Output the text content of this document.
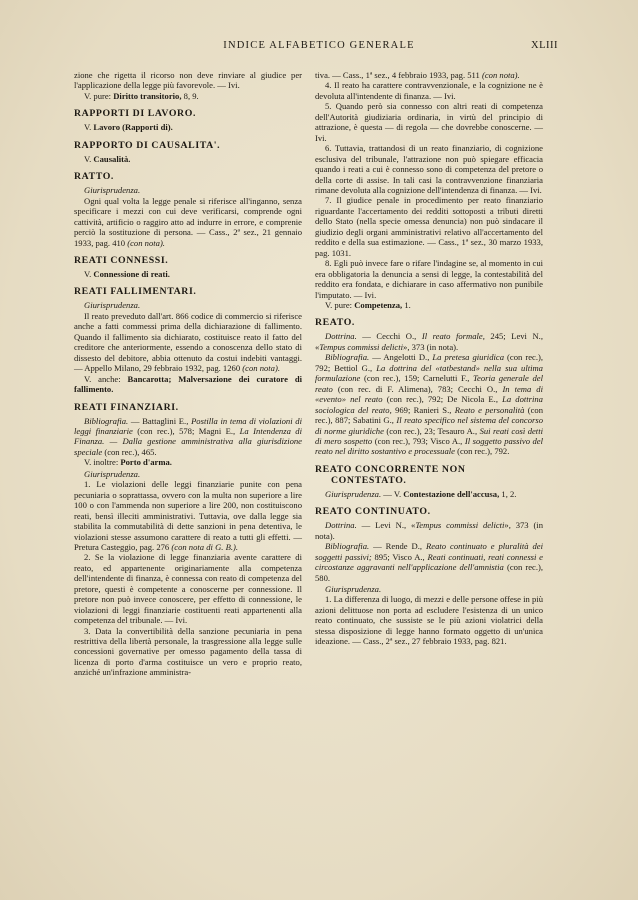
INDICE ALFABETICO GENERALE	XLIII

zione che rigetta il ricorso non deve rinviare al giudice per l'applicazione della legge più favorevole. — Ivi.

V. pure: Diritto transitorio, 8, 9.

RAPPORTI DI LAVORO.

V. Lavoro (Rapporti di).

RAPPORTO DI CAUSALITA'.

V. Causalità.

RATTO.

Giurisprudenza.

Ogni qual volta la legge penale si riferisce all'inganno, senza specificare i mezzi con cui deve verificarsi, comprende ogni cattività, artificio o raggiro atto ad indurre in errore, e comprenie perciò la sostituzione di persona. — Cass., 2ª sez., 21 gennaio 1933, pag. 410 (con nota).

REATI CONNESSI.

V. Connessione di reati.

REATI FALLIMENTARI.

Giurisprudenza.

Il reato preveduto dall'art. 866 codice di commercio si riferisce anche a fatti commessi prima della dichiarazione di fallimento. Quando il fallimento sia dichiarato, costituisce reato il fatto del creditore che anteriormente, essendo a conoscenza dello stato di dissesto del debitore, abbia ottenuto da costui indebiti vantaggi. — Appello Milano, 29 febbraio 1932, pag. 1260 (con nota).

V. anche: Bancarotta; Malversazione dei curatore di fallimento.

REATI FINANZIARI.

Bibliografia. — Battaglini E., Postilla in tema di violazioni di leggi finanziarie (con rec.), 578; Magni E., La Intendenza di Finanza. — Dalla gestione amministrativa alla giurisdizione speciale (con rec.), 465.

V. inoltre: Porto d'arma.

Giurisprudenza.

1. Le violazioni delle leggi finanziarie punite con pena pecuniaria o soprattassa, ovvero con la multa non superiore a lire 100 o con l'ammenda non superiore a lire 200, non costituiscono reati, bensì illeciti amministrativi. Tuttavia, ove dalla legge sia stabilita la commutabilità di dette sanzioni in pena detentiva, le violazioni stesse assumono carattere di reato a tutti gli effetti. — Pretura Casteggio, pag. 276 (con nota di G. B.).

2. Se la violazione di legge finanziaria avente carattere di reato, ed appartenente originariamente alla competenza dell'intendente di finanza, è connessa con reato di competenza del pretore, questi è competente a conoscerne per connessione. Il pretore non può invece conoscere, per effetto di connessione, le violazioni di leggi finanziarie costituenti reati appartenenti alla competenza del tribunale. — Ivi.

3. Data la convertibilità della sanzione pecuniaria in pena restrittiva della libertà personale, la trasgressione alla legge sulle concessioni governative per omesso pagamento della tassa di licenza di porto d'arma costituisce un vero e proprio reato, anziché un'infrazione amministra-

tiva. — Cass., 1ª sez., 4 febbraio 1933, pag. 511 (con nota).

4. Il reato ha carattere contravvenzionale, e la cognizione ne è devoluta all'intendente di finanza. — Ivi.

5. Quando però sia connesso con altri reati di competenza dell'Autorità giudiziaria ordinaria, in virtù del principio di attrazione, è questa — di regola — che dovrebbe conoscerne. — Ivi.

6. Tuttavia, trattandosi di un reato finanziario, di cognizione esclusiva del tribunale, l'attrazione non può spiegare efficacia quando i reati a cui è connesso sono di competenza del pretore o della corte di assise. In tali casi la contravvenzione finanziaria rimane devoluta alla cognizione dell'intendenza di finanza. — Ivi.

7. Il giudice penale in procedimento per reato finanziario riguardante l'accertamento dei redditi sottoposti a tributi diretti dello Stato (nella specie omessa denuncia) non può sindacare il giudizio degli organi amministrativi relativo all'accertamento del reddito e della sua estimazione. — Cass., 1ª sez., 30 marzo 1933, pag. 1031.

8. Egli può invece fare o rifare l'indagine se, al momento in cui era obbligatoria la denuncia a sensi di legge, la contestabilità del reddito era fondata, e dichiarare in caso affermativo non punibile l'imputato. — Ivi.

V. pure: Competenza, 1.

REATO.

Dottrina. — Cecchi O., Il reato formale, 245; Levi N., «Tempus commissi delicti», 373 (in nota).

Bibliografia. — Angelotti D., La pretesa giuridica (con rec.), 792; Bettiol G., La dottrina del «tatbestand» nella sua ultima formulazione (con rec.), 159; Carnelutti F., Teoria generale del reato (con rec. di F. Alimena), 783; Cecchi O., In tema di «evento» nel reato (con rec.), 792; De Nicola E., La dottrina sociologica del reato, 969; Ranieri S., Reato e personalità (con rec.), 887; Sabatini G., Il reato specifico nel sistema del concorso di norme giuridiche (con rec.), 23; Tesauro A., Sui reati così detti di mero sospetto (con rec.), 793; Visco A., Il soggetto passivo del reato nel diritto sostantivo e processuale (con rec.), 792.

REATO CONCORRENTE NON CONTESTATO.

Giurisprudenza. — V. Contestazione dell'accusa, 1, 2.

REATO CONTINUATO.

Dottrina. — Levi N., «Tempus commissi delicti», 373 (in nota).

Bibliografia. — Rende D., Reato continuato e pluralità dei soggetti passivi; 895; Visco A., Reati continuati, reati connessi e circostanze aggravanti nell'applicazione dell'amnistia (con rec.), 580.

Giurisprudenza.

1. La differenza di luogo, di mezzi e delle persone offese in più azioni delittuose non porta ad escludere l'esistenza di un unico reato continuato, che sussiste se le più azioni violatrici della stessa disposizione di legge hanno formato oggetto di un'unica ideazione. — Cass., 2ª sez., 27 febbraio 1933, pag. 821.
